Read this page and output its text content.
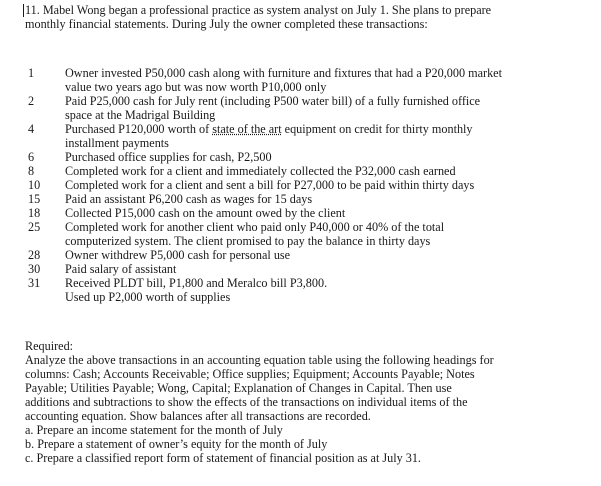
11. Mabel Wong began a professional practice as system analyst on July 1. She plans to prepare
monthly financial statements. During July the owner completed these transactions:
1	Owner invested P50,000 cash along with furniture and fixtures that had a P20,000 market
value two years ago but was now worth P10,000 only
2	Paid P25,000 cash for July rent (including P500 water bill) of a fully furnished office
space at the Madrigal Building
4	Purchased P120,000 worth of state of the art equipment on credit for thirty monthly
installment payments
6	Purchased office supplies for cash, P2,500
8	Completed work for a client and immediately collected the P32,000 cash earned
10	Completed work for a client and sent a bill for P27,000 to be paid within thirty days
15	Paid an assistant P6,200 cash as wages for 15 days
18	Collected P15,000 cash on the amount owed by the client
25	Completed work for another client who paid only P40,000 or 40% of the total
computerized system. The client promised to pay the balance in thirty days
28	Owner withdrew P5,000 cash for personal use
30	Paid salary of assistant
31	Received PLDT bill, P1,800 and Meralco bill P3,800.
Used up P2,000 worth of supplies
Required:
Analyze the above transactions in an accounting equation table using the following headings for
columns: Cash; Accounts Receivable; Office supplies; Equipment; Accounts Payable; Notes
Payable; Utilities Payable; Wong, Capital; Explanation of Changes in Capital. Then use
additions and subtractions to show the effects of the transactions on individual items of the
accounting equation. Show balances after all transactions are recorded.
a. Prepare an income statement for the month of July
b. Prepare a statement of owner’s equity for the month of July
c. Prepare a classified report form of statement of financial position as at July 31.
